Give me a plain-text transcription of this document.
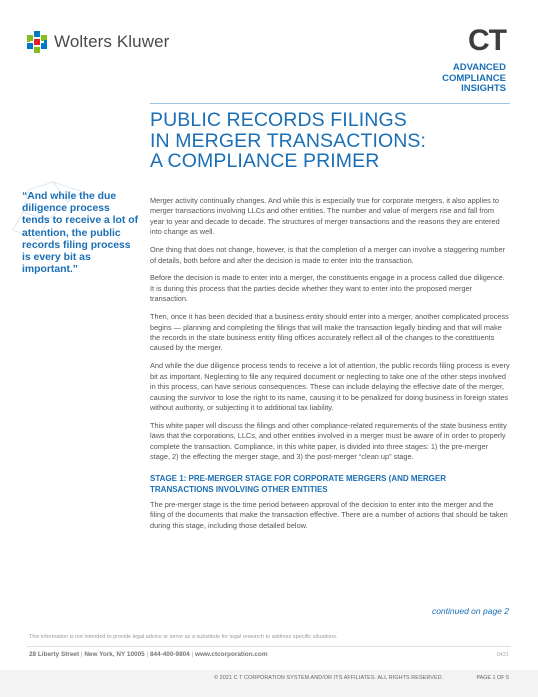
Wolters Kluwer	CT
ADVANCED
COMPLIANCE
INSIGHTS
PUBLIC RECORDS FILINGS
IN MERGER TRANSACTIONS:
A COMPLIANCE PRIMER
“And while the due diligence process tends to receive a lot of attention, the public records filing process is every bit as important.”

Merger activity continually changes. And while this is especially true for corporate mergers, it also applies to merger transactions involving LLCs and other entities. The number and value of mergers rise and fall from year to year and decade to decade. The structures of merger transactions and the reasons they are entered into change as well.

One thing that does not change, however, is that the completion of a merger can involve a staggering number of details, both before and after the decision is made to enter into the transaction.

Before the decision is made to enter into a merger, the constituents engage in a process called due diligence. It is during this process that the parties decide whether they want to enter into the proposed merger transaction.

Then, once it has been decided that a business entity should enter into a merger, another complicated process begins — planning and completing the filings that will make the transaction legally binding and that will make the records in the state business entity filing offices accurately reflect all of the changes to the constituents caused by the merger.

And while the due diligence process tends to receive a lot of attention, the public records filing process is every bit as important. Neglecting to file any required document or neglecting to take one of the other steps involved in this process, can have serious consequences. These can include delaying the effective date of the merger, causing the survivor to lose the right to its name, causing it to be penalized for doing business in foreign states without authority, or subjecting it to additional tax liability.

This white paper will discuss the filings and other compliance-related requirements of the state business entity laws that the corporations, LLCs, and other entities involved in a merger must be aware of in order to properly complete the transaction. Compliance, in this white paper, is divided into three stages: 1) the pre-merger stage, 2) the effecting the merger stage, and 3) the post-merger “clean up” stage.

STAGE 1: PRE-MERGER STAGE FOR CORPORATE MERGERS (AND MERGER TRANSACTIONS INVOLVING OTHER ENTITIES

The pre-merger stage is the time period between approval of the decision to enter into the merger and the filing of the documents that make the transaction effective. There are a number of actions that should be taken during this stage, including those detailed below.

continued on page 2
This information is not intended to provide legal advice or serve as a substitute for legal research to address specific situations.
28 Liberty Street | New York, NY 10005 | 844-400-9804 | www.ctcorporation.com	0421
© 2021 C T CORPORATION SYSTEM AND/OR ITS AFFILIATES. ALL RIGHTS RESERVED.	PAGE 1 OF 5
